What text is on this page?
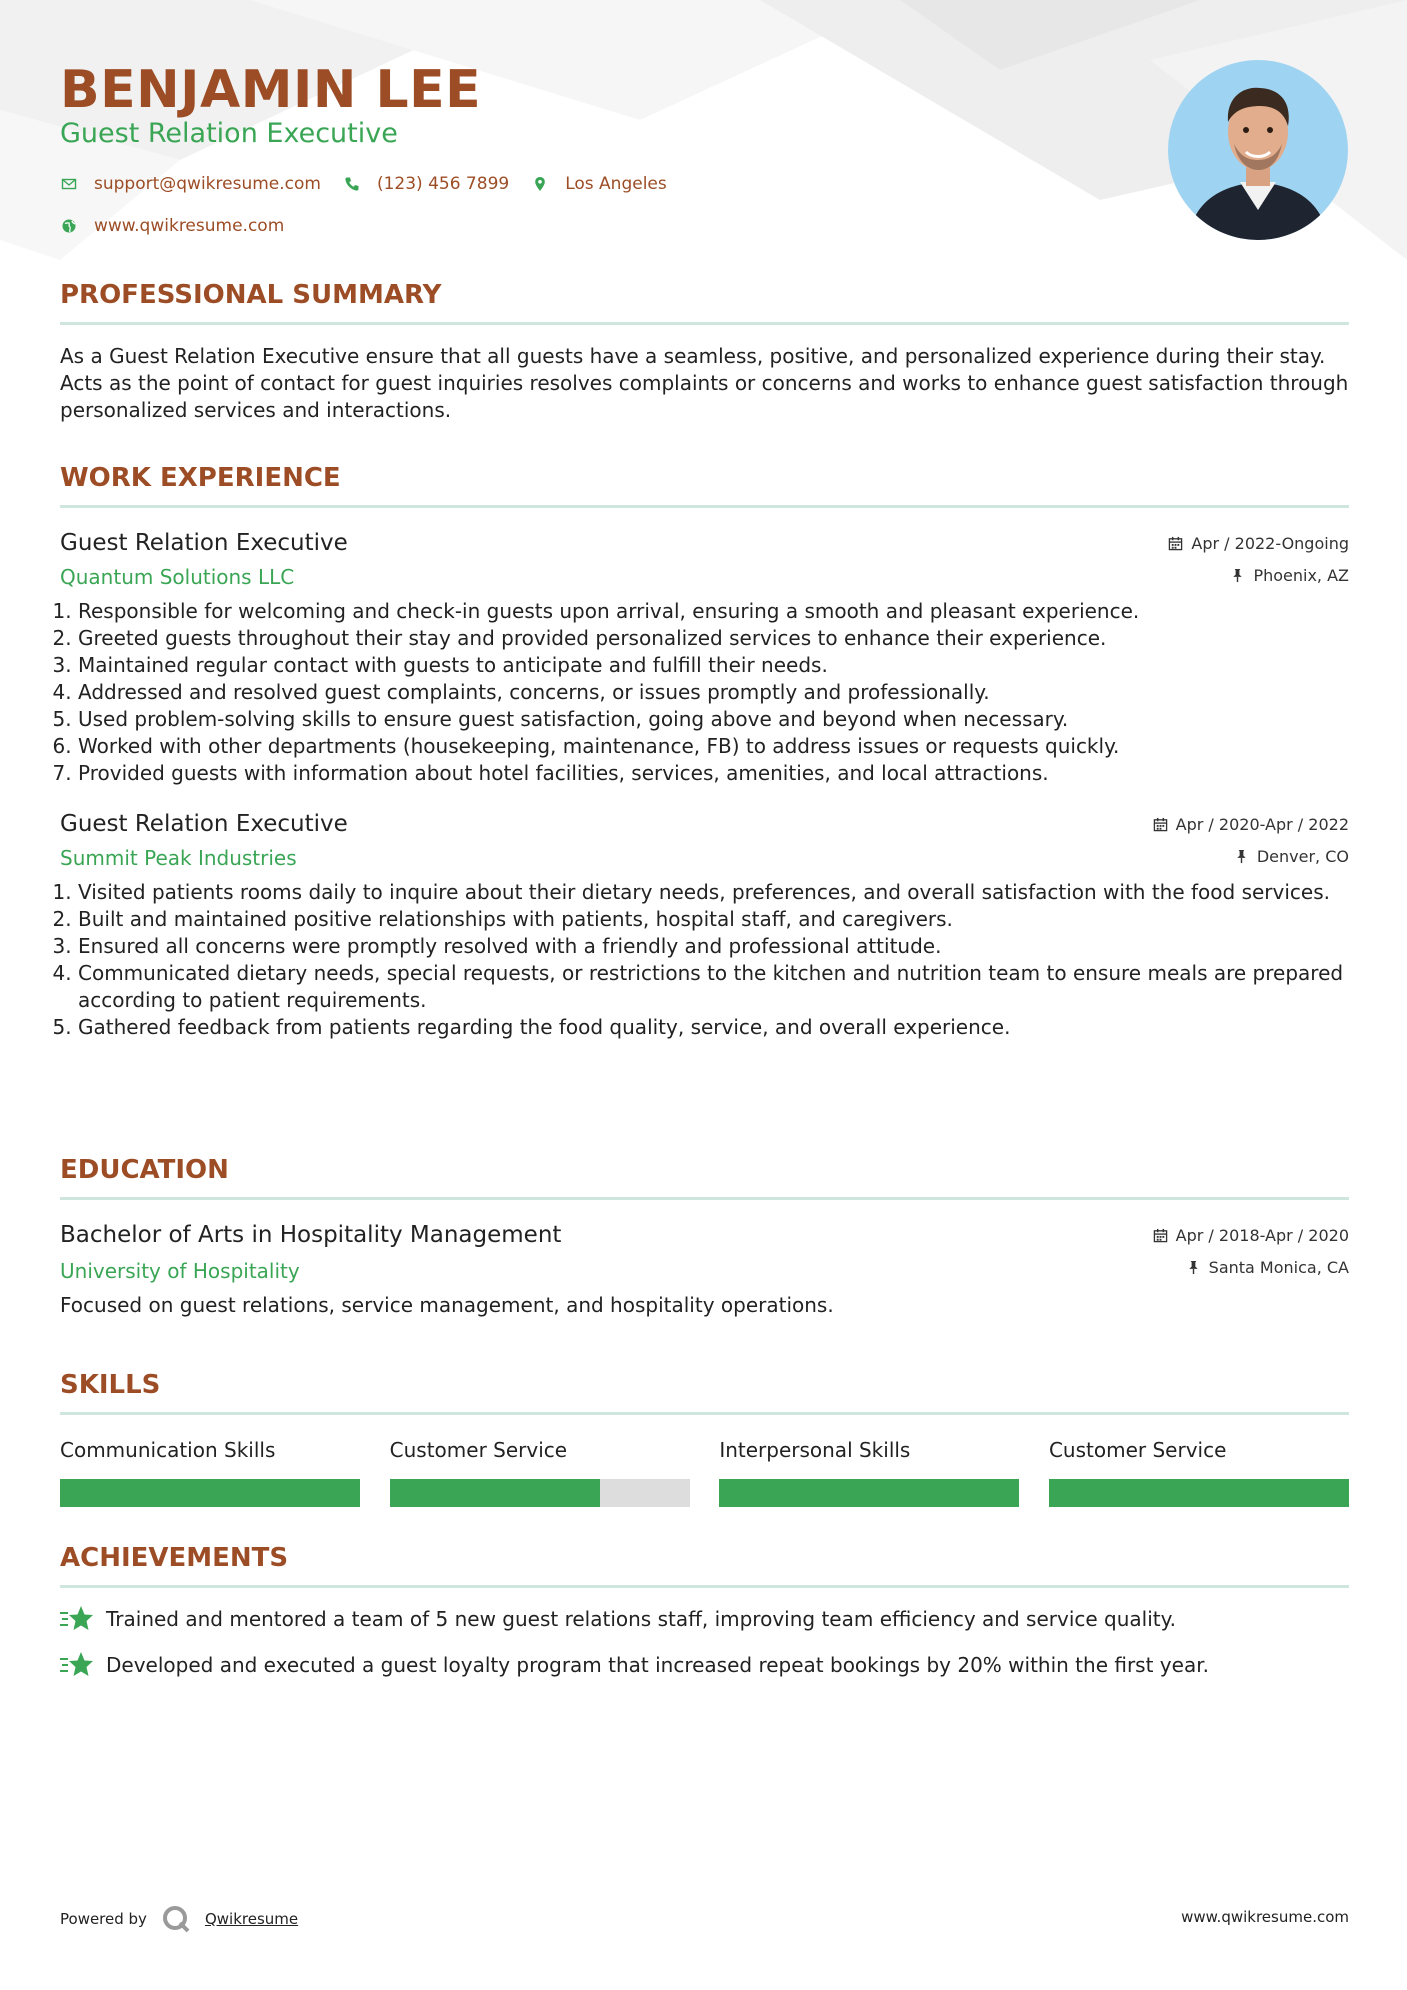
BENJAMIN LEE
Guest Relation Executive
support@qwikresume.com	(123) 456 7899	Los Angeles
www.qwikresume.com
PROFESSIONAL SUMMARY

As a Guest Relation Executive ensure that all guests have a seamless, positive, and personalized experience during their stay. Acts as the point of contact for guest inquiries resolves complaints or concerns and works to enhance guest satisfaction through personalized services and interactions.

WORK EXPERIENCE
Guest Relation Executive
Quantum Solutions LLC
Apr / 2022-Ongoing
Phoenix, AZ
1. Responsible for welcoming and check-in guests upon arrival, ensuring a smooth and pleasant experience.
2. Greeted guests throughout their stay and provided personalized services to enhance their experience.
3. Maintained regular contact with guests to anticipate and fulfill their needs.
4. Addressed and resolved guest complaints, concerns, or issues promptly and professionally.
5. Used problem-solving skills to ensure guest satisfaction, going above and beyond when necessary.
6. Worked with other departments (housekeeping, maintenance, FB) to address issues or requests quickly.
7. Provided guests with information about hotel facilities, services, amenities, and local attractions.
Guest Relation Executive
Summit Peak Industries
Apr / 2020-Apr / 2022
Denver, CO
1. Visited patients rooms daily to inquire about their dietary needs, preferences, and overall satisfaction with the food services.
2. Built and maintained positive relationships with patients, hospital staff, and caregivers.
3. Ensured all concerns were promptly resolved with a friendly and professional attitude.
4. Communicated dietary needs, special requests, or restrictions to the kitchen and nutrition team to ensure meals are prepared according to patient requirements.
5. Gathered feedback from patients regarding the food quality, service, and overall experience.
EDUCATION
Bachelor of Arts in Hospitality Management
University of Hospitality
Apr / 2018-Apr / 2020
Santa Monica, CA
Focused on guest relations, service management, and hospitality operations.
SKILLS
Communication Skills	Customer Service	Interpersonal Skills	Customer Service
ACHIEVEMENTS
Trained and mentored a team of 5 new guest relations staff, improving team efficiency and service quality.
Developed and executed a guest loyalty program that increased repeat bookings by 20% within the first year.
Powered by	Qwikresume	www.qwikresume.com
